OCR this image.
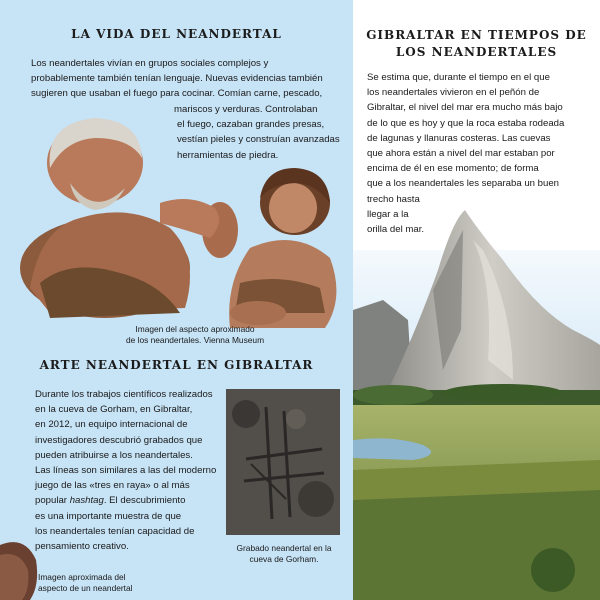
LA VIDA DEL NEANDERTAL
Los neandertales vivían en grupos sociales complejos y
probablemente también tenían lenguaje. Nuevas evidencias también
sugieren que usaban el fuego para cocinar. Comían carne, pescado,
mariscos y verduras. Controlaban
el fuego, cazaban grandes presas,
vestían pieles y construían avanzadas
herramientas de piedra.
Imagen del aspecto aproximado
de los neandertales. Vienna Museum
ARTE NEANDERTAL EN GIBRALTAR
Durante los trabajos científicos realizados
en la cueva de Gorham, en Gibraltar,
en 2012, un equipo internacional de
investigadores descubrió grabados que
pueden atribuirse a los neandertales.
Las líneas son similares a las del moderno
juego de las «tres en raya» o al más
popular hashtag. El descubrimiento
es una importante muestra de que
los neandertales tenían capacidad de
pensamiento creativo.	Grabado neandertal en la
cueva de Gorham.
Imagen aproximada del
aspecto de un neandertal
GIBRALTAR EN TIEMPOS DE
LOS NEANDERTALES
Se estima que, durante el tiempo en el que
los neandertales vivieron en el peñón de
Gibraltar, el nivel del mar era mucho más bajo
de lo que es hoy y que la roca estaba rodeada
de lagunas y llanuras costeras. Las cuevas
que ahora están a nivel del mar estaban por
encima de él en ese momento; de forma
que a los neandertales les separaba un buen
trecho hasta
llegar a la
orilla del mar.
